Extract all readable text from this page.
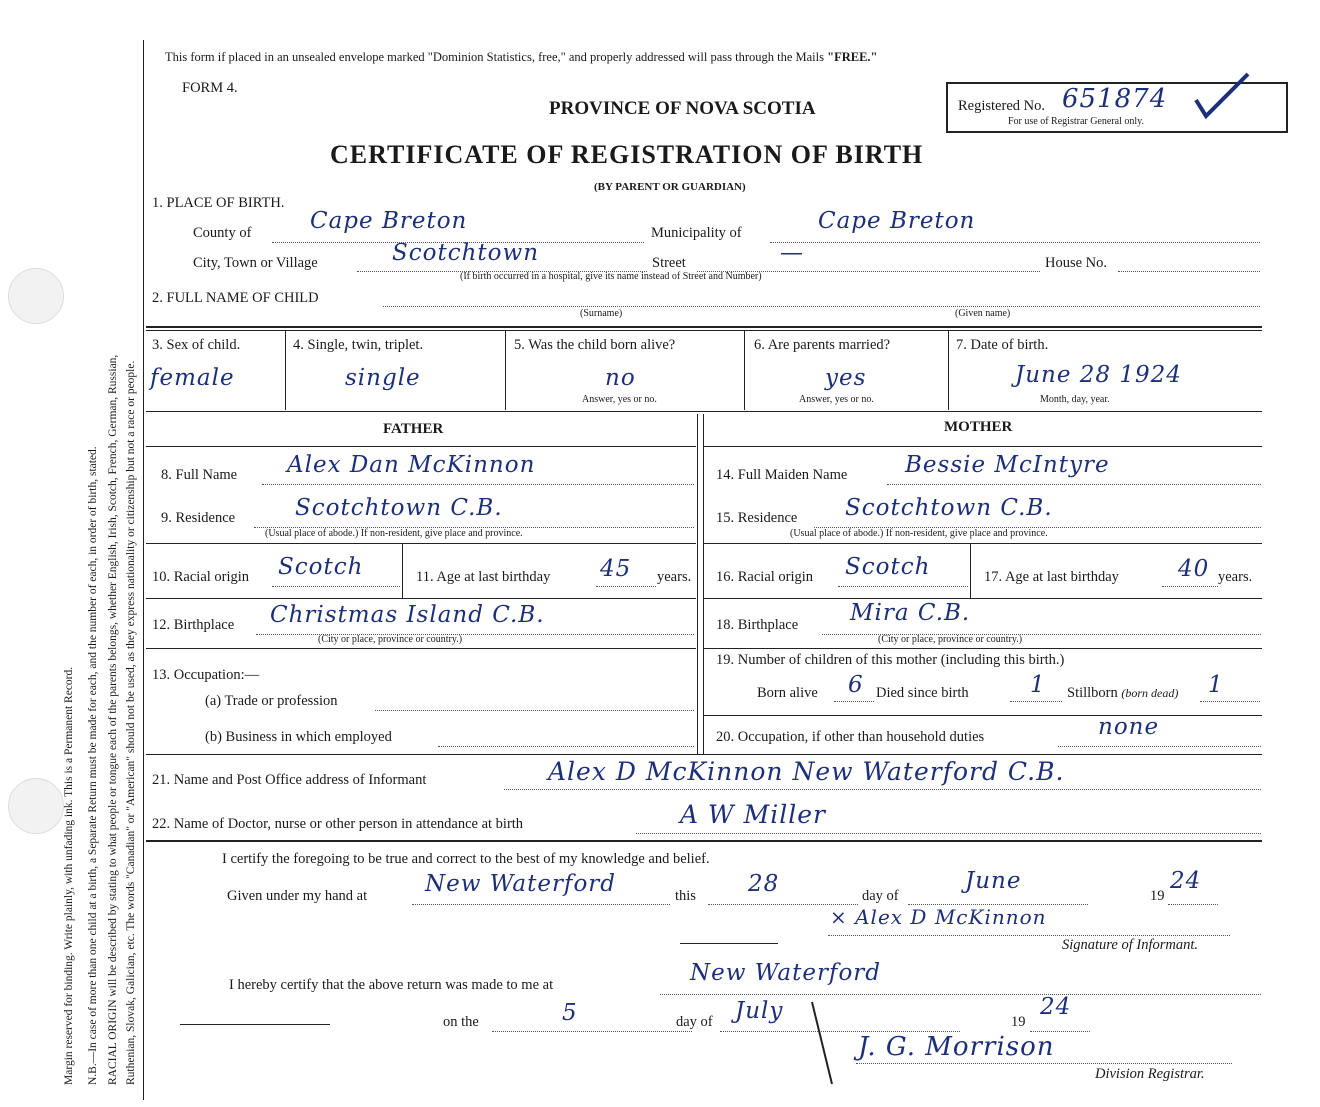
Margin reserved for binding. Write plainly, with unfading ink. This is a Permanent Record. N.B.—In case of more than one child at a birth, a Separate Return must be made for each, and the number of each, in order of birth, stated. RACIAL ORIGIN will be described by stating to what people or tongue each of the parents belongs, whether English, Irish, Scotch, French, German, Russian, Ruthenian, Slovak, Galician, etc. The words "Canadian" or "American" should not be used, as they express nationality or citizenship but not a race or people.
This form if placed in an unsealed envelope marked "Dominion Statistics, free," and properly addressed will pass through the Mails "FREE."
FORM 4.
PROVINCE OF NOVA SCOTIA	Registered No. 651874
For use of Registrar General only.
CERTIFICATE OF REGISTRATION OF BIRTH
(BY PARENT OR GUARDIAN)
1. PLACE OF BIRTH.
County of	Cape Breton	Municipality of	Cape Breton
City, Town or Village	Scotchtown	Street	—	House No.
(If birth occurred in a hospital, give its name instead of Street and Number)
2. FULL NAME OF CHILD
(Surname)	(Given name)
3. Sex of child.
female
4. Single, twin, triplet.
single
5. Was the child born alive?
no
Answer, yes or no.
6. Are parents married?
yes
Answer, yes or no.
7. Date of birth.
June 28 1924
Month, day, year.
FATHER
8. Full Name Alex Dan McKinnon
9. Residence	Scotchtown C.B.
(Usual place of abode.) If non-resident, give place and province.
10. Racial origin Scotch	11. Age at last birthday 45 years.
12. Birthplace Christmas Island C.B.
(City or place, province or country.)
13. Occupation:—
(a) Trade or profession
(b) Business in which employed
MOTHER
14. Full Maiden Name	Bessie McIntyre
15. Residence Scotchtown C.B.
(Usual place of abode.) If non-resident, give place and province.
16. Racial origin Scotch	17. Age at last birthday	40 years.
18. Birthplace Mira C.B.
(City or place, province or country.)
19. Number of children of this mother (including this birth.)
Born alive 6 Died since birth	1 Stillborn (born dead) 1
20. Occupation, if other than household duties	none
21. Name and Post Office address of Informant	Alex D McKinnon New Waterford C.B.
22. Name of Doctor, nurse or other person in attendance at birth	A W Miller
I certify the foregoing to be true and correct to the best of my knowledge and belief.
Given under my hand at	New Waterford	this 28	day of
June
19
24
× Alex D McKinnon
Signature of Informant.
I hereby certify that the above return was made to me at	New Waterford
on the	5	day of July	19
24
J. G. Morrison
Division Registrar.
